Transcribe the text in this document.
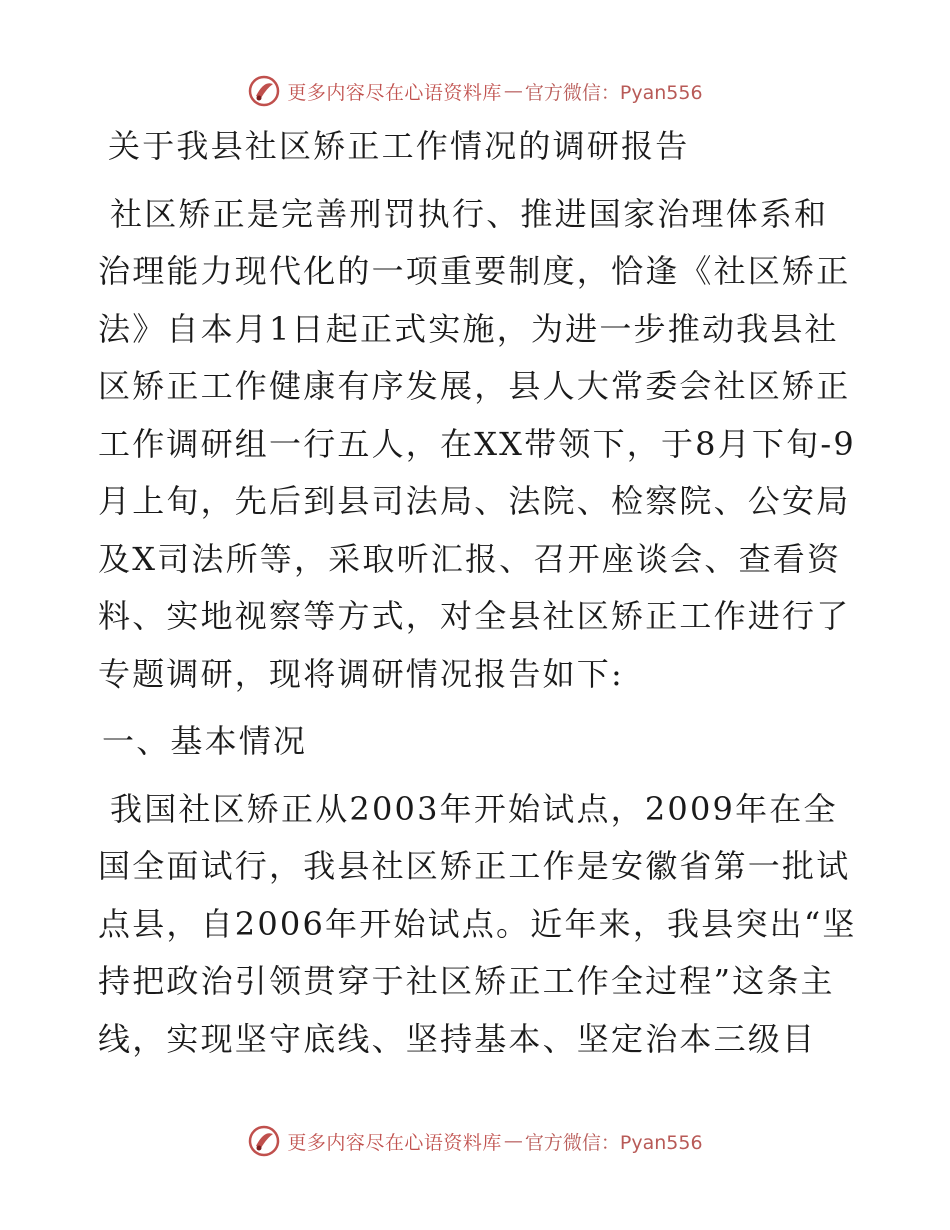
更多内容尽在心语资料库 — 官方微信：Pyan556

关于我县社区矫正工作情况的调研报告

社区矫正是完善刑罚执行、推进国家治理体系和治理能力现代化的一项重要制度，恰逢《社区矫正法》自本月1日起正式实施，为进一步推动我县社区矫正工作健康有序发展，县人大常委会社区矫正工作调研组一行五人，在XX带领下，于8月下旬-9月上旬，先后到县司法局、法院、检察院、公安局及X司法所等，采取听汇报、召开座谈会、查看资料、实地视察等方式，对全县社区矫正工作进行了专题调研，现将调研情况报告如下:

一、基本情况

我国社区矫正从2003年开始试点，2009年在全国全面试行，我县社区矫正工作是安徽省第一批试点县，自2006年开始试点。近年来，我县突出“坚持把政治引领贯穿于社区矫正工作全过程”这条主线，实现坚守底线、坚持基本、坚定治本三级目

更多内容尽在心语资料库 — 官方微信：Pyan556
